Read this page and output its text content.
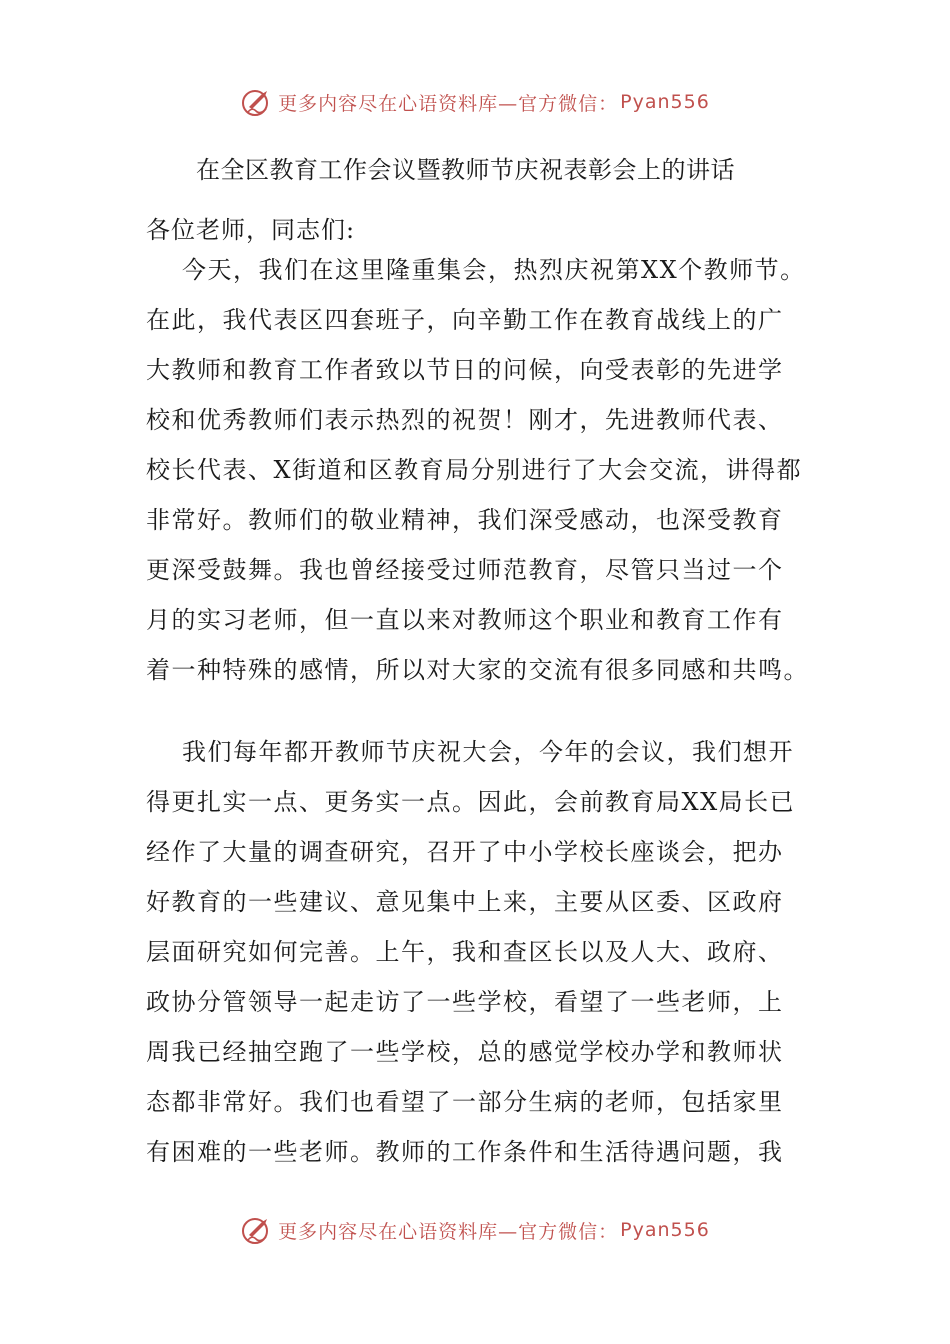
更多内容尽在心语资料库—官方微信： Pyan556
在全区教育工作会议暨教师节庆祝表彰会上的讲话
各位老师，同志们:
今天，我们在这里隆重集会，热烈庆祝第XX个教师节。
在此，我代表区四套班子，向辛勤工作在教育战线上的广
大教师和教育工作者致以节日的问候，向受表彰的先进学
校和优秀教师们表示热烈的祝贺！刚才，先进教师代表、
校长代表、X街道和区教育局分别进行了大会交流，讲得都
非常好。教师们的敬业精神，我们深受感动，也深受教育
更深受鼓舞。我也曾经接受过师范教育，尽管只当过一个
月的实习老师，但一直以来对教师这个职业和教育工作有
着一种特殊的感情，所以对大家的交流有很多同感和共鸣。
我们每年都开教师节庆祝大会，今年的会议，我们想开
得更扎实一点、更务实一点。因此，会前教育局XX局长已
经作了大量的调查研究，召开了中小学校长座谈会，把办
好教育的一些建议、意见集中上来，主要从区委、区政府
层面研究如何完善。上午，我和查区长以及人大、政府、
政协分管领导一起走访了一些学校，看望了一些老师，上
周我已经抽空跑了一些学校，总的感觉学校办学和教师状
态都非常好。我们也看望了一部分生病的老师，包括家里
有困难的一些老师。教师的工作条件和生活待遇问题，我
更多内容尽在心语资料库—官方微信： Pyan556
